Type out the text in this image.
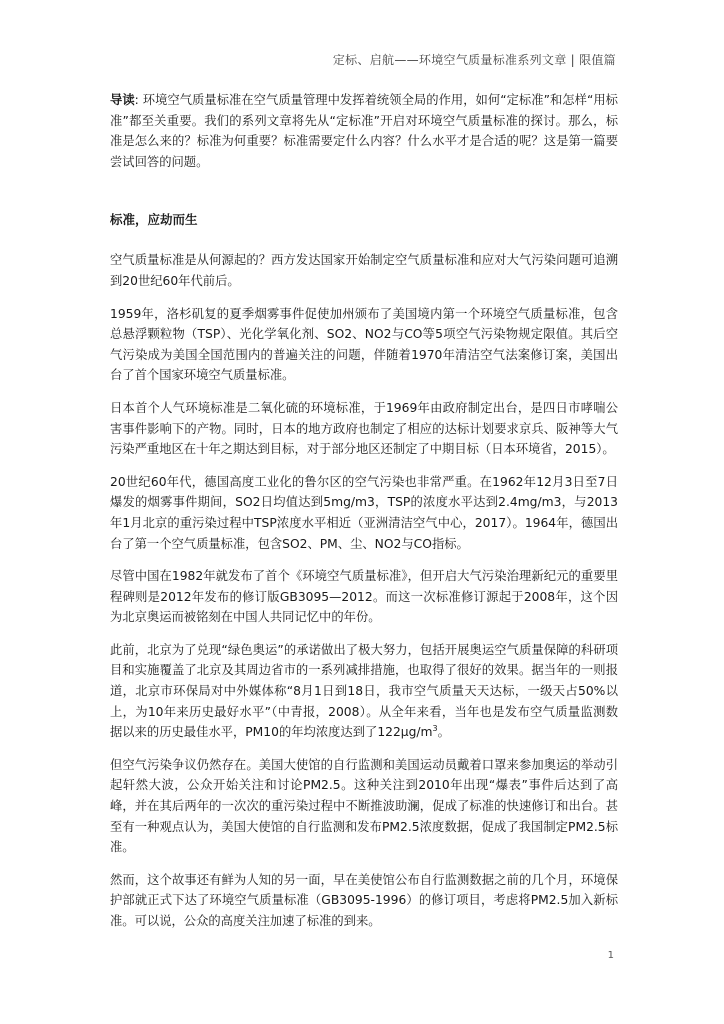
定标、启航——环境空气质量标准系列文章 | 限值篇

导读: 环境空气质量标准在空气质量管理中发挥着统领全局的作用，如何“定标准”和怎样“用标准”都至关重要。我们的系列文章将先从“定标准”开启对环境空气质量标准的探讨。那么，标准是怎么来的？标准为何重要？标准需要定什么内容？什么水平才是合适的呢？这是第一篇要尝试回答的问题。

标准，应劫而生

空气质量标准是从何源起的？西方发达国家开始制定空气质量标准和应对大气污染问题可追溯到20世纪60年代前后。

1959年，洛杉矶复的夏季烟雾事件促使加州颁布了美国境内第一个环境空气质量标准，包含总悬浮颗粒物（TSP）、光化学氧化剂、SO2、NO2与CO等5项空气污染物规定限值。其后空气污染成为美国全国范围内的普遍关注的问题，伴随着1970年清洁空气法案修订案，美国出台了首个国家环境空气质量标准。

日本首个人气环境标准是二氧化硫的环境标准，于1969年由政府制定出台，是四日市哮喘公害事件影响下的产物。同时，日本的地方政府也制定了相应的达标计划要求京兵、阪神等大气污染严重地区在十年之期达到目标，对于部分地区还制定了中期目标（日本环境省，2015）。

20世纪60年代，德国高度工业化的鲁尔区的空气污染也非常严重。在1962年12月3日至7日爆发的烟雾事件期间，SO2日均值达到5mg/m3，TSP的浓度水平达到2.4mg/m3，与2013年1月北京的重污染过程中TSP浓度水平相近（亚洲清洁空气中心，2017）。1964年，德国出台了第一个空气质量标准，包含SO2、PM、尘、NO2与CO指标。

尽管中国在1982年就发布了首个《环境空气质量标准》，但开启大气污染治理新纪元的重要里程碑则是2012年发布的修订版GB3095—2012。而这一次标准修订源起于2008年，这个因为北京奥运而被铭刻在中国人共同记忆中的年份。

此前，北京为了兑现“绿色奥运”的承诺做出了极大努力，包括开展奥运空气质量保障的科研项目和实施覆盖了北京及其周边省市的一系列减排措施，也取得了很好的效果。据当年的一则报道，北京市环保局对中外媒体称“8月1日到18日，我市空气质量天天达标，一级天占50%以上，为10年来历史最好水平”（中青报，2008）。从全年来看，当年也是发布空气质量监测数据以来的历史最佳水平，PM10的年均浓度达到了$122\mu g/m^3$。

但空气污染争议仍然存在。美国大使馆的自行监测和美国运动员戴着口罩来参加奥运的举动引起轩然大波，公众开始关注和讨论PM2.5。这种关注到2010年出现“爆表”事件后达到了高峰，并在其后两年的一次次的重污染过程中不断推波助澜，促成了标准的快速修订和出台。甚至有一种观点认为，美国大使馆的自行监测和发布PM2.5浓度数据，促成了我国制定PM2.5标准。

然而，这个故事还有鲜为人知的另一面，早在美使馆公布自行监测数据之前的几个月，环境保护部就正式下达了环境空气质量标准（GB3095-1996）的修订项目，考虑将PM2.5加入新标准。可以说，公众的高度关注加速了标准的到来。

1
